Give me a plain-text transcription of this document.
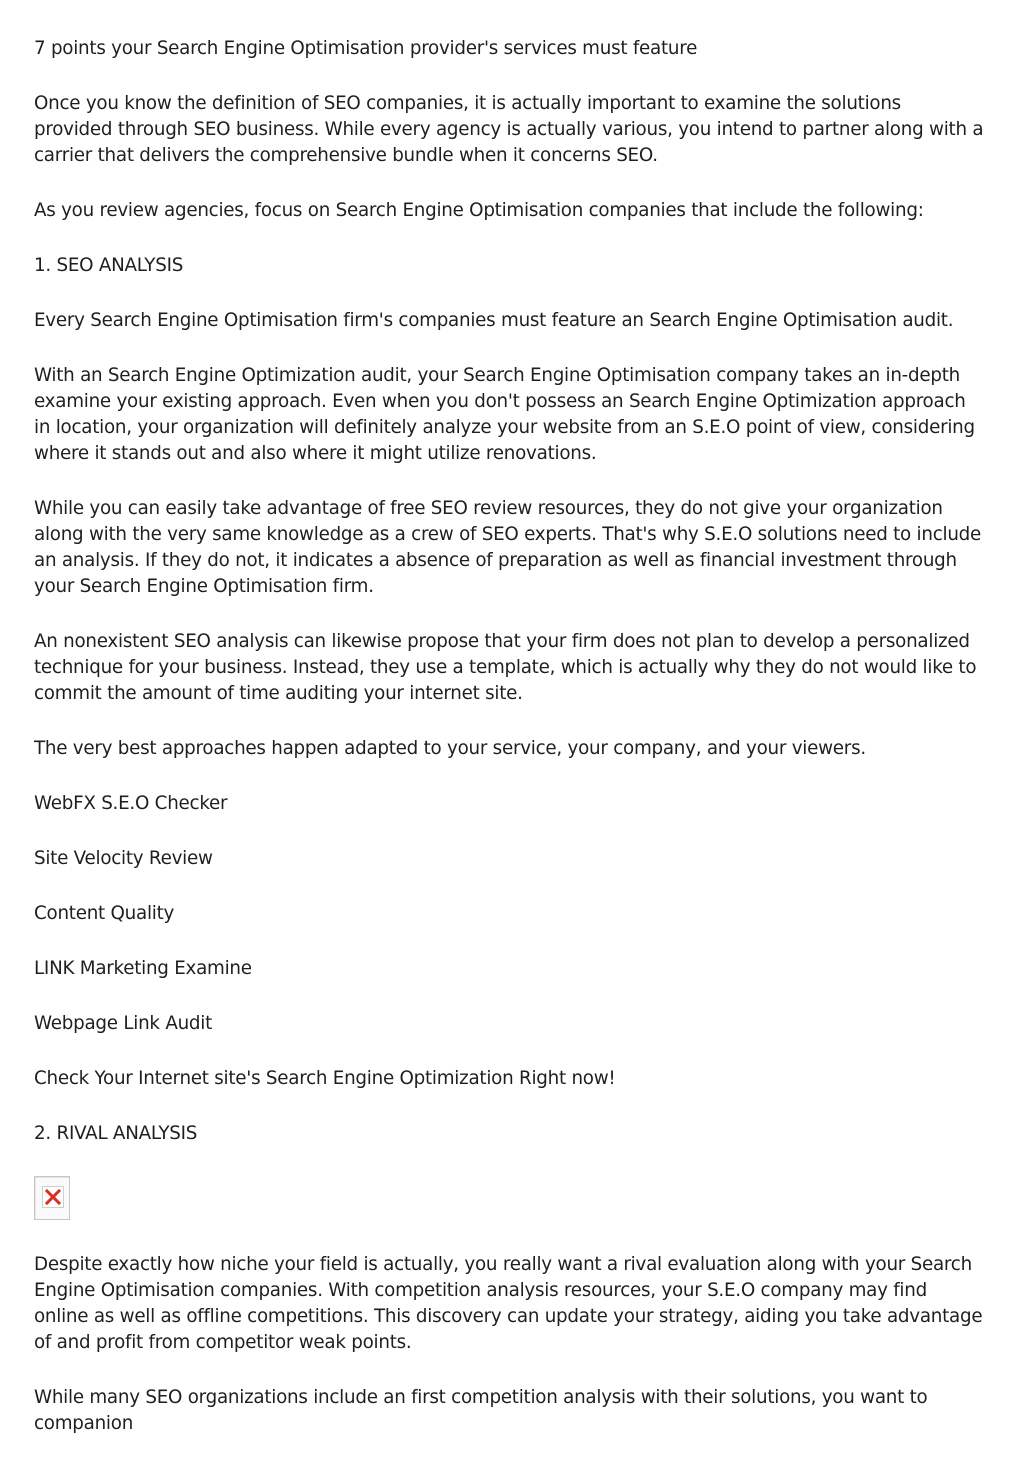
7 points your Search Engine Optimisation provider's services must feature

Once you know the definition of SEO companies, it is actually important to examine the solutions provided through SEO business. While every agency is actually various, you intend to partner along with a carrier that delivers the comprehensive bundle when it concerns SEO.

As you review agencies, focus on Search Engine Optimisation companies that include the following:

1. SEO ANALYSIS

Every Search Engine Optimisation firm's companies must feature an Search Engine Optimisation audit.

With an Search Engine Optimization audit, your Search Engine Optimisation company takes an in-depth examine your existing approach. Even when you don't possess an Search Engine Optimization approach in location, your organization will definitely analyze your website from an S.E.O point of view, considering where it stands out and also where it might utilize renovations.

While you can easily take advantage of free SEO review resources, they do not give your organization along with the very same knowledge as a crew of SEO experts. That's why S.E.O solutions need to include an analysis. If they do not, it indicates a absence of preparation as well as financial investment through your Search Engine Optimisation firm.

An nonexistent SEO analysis can likewise propose that your firm does not plan to develop a personalized technique for your business. Instead, they use a template, which is actually why they do not would like to commit the amount of time auditing your internet site.

The very best approaches happen adapted to your service, your company, and your viewers.

WebFX S.E.O Checker

Site Velocity Review

Content Quality

LINK Marketing Examine

Webpage Link Audit

Check Your Internet site's Search Engine Optimization Right now!

2. RIVAL ANALYSIS

Despite exactly how niche your field is actually, you really want a rival evaluation along with your Search Engine Optimisation companies. With competition analysis resources, your S.E.O company may find online as well as offline competitions. This discovery can update your strategy, aiding you take advantage of and profit from competitor weak points.

While many SEO organizations include an first competition analysis with their solutions, you want to companion
